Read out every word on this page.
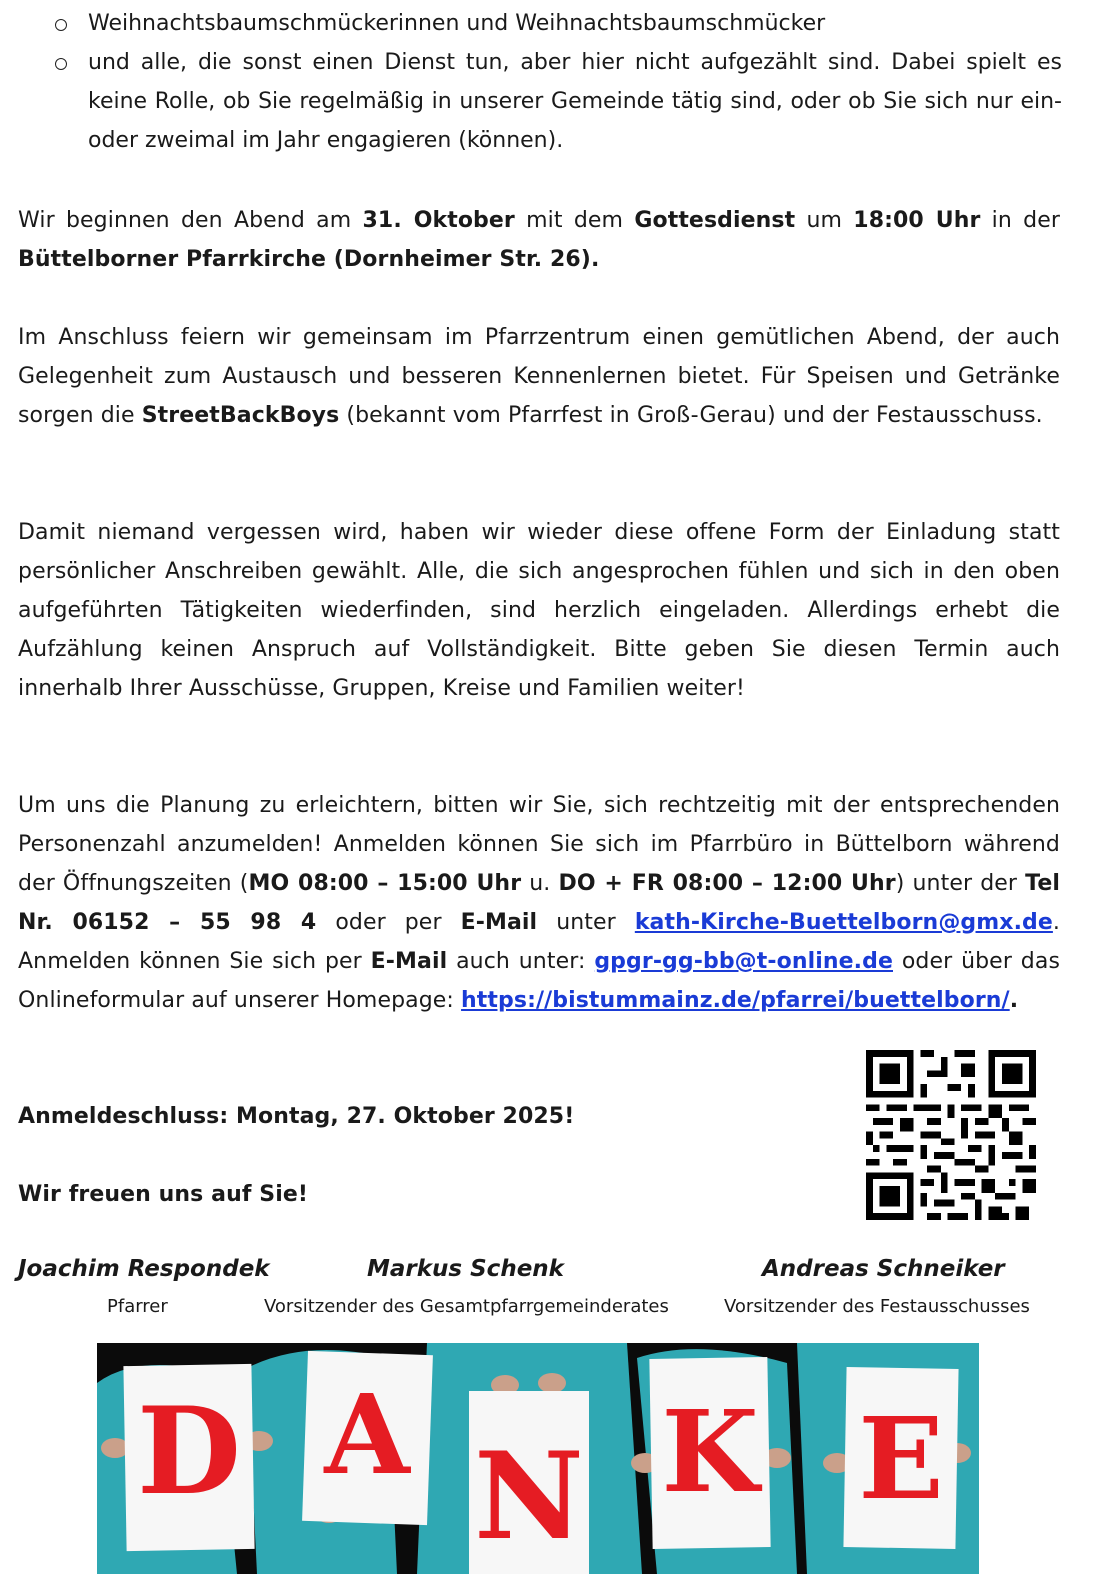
Weihnachtsbaumschmückerinnen und Weihnachtsbaumschmücker
und alle, die sonst einen Dienst tun, aber hier nicht aufgezählt sind. Dabei spielt es keine Rolle, ob Sie regelmäßig in unserer Gemeinde tätig sind, oder ob Sie sich nur ein- oder zweimal im Jahr engagieren (können).
Wir beginnen den Abend am 31. Oktober mit dem Gottesdienst um 18:00 Uhr in der Büttelborner Pfarrkirche (Dornheimer Str. 26).
Im Anschluss feiern wir gemeinsam im Pfarrzentrum einen gemütlichen Abend, der auch Gelegenheit zum Austausch und besseren Kennenlernen bietet. Für Speisen und Getränke sorgen die StreetBackBoys (bekannt vom Pfarrfest in Groß-Gerau) und der Festausschuss.
Damit niemand vergessen wird, haben wir wieder diese offene Form der Einladung statt persönlicher Anschreiben gewählt. Alle, die sich angesprochen fühlen und sich in den oben aufgeführten Tätigkeiten wiederfinden, sind herzlich eingeladen. Allerdings erhebt die Aufzählung keinen Anspruch auf Vollständigkeit. Bitte geben Sie diesen Termin auch innerhalb Ihrer Ausschüsse, Gruppen, Kreise und Familien weiter!
Um uns die Planung zu erleichtern, bitten wir Sie, sich rechtzeitig mit der entsprechenden Personenzahl anzumelden! Anmelden können Sie sich im Pfarrbüro in Büttelborn während der Öffnungszeiten (MO 08:00 – 15:00 Uhr u. DO + FR 08:00 – 12:00 Uhr) unter der Tel Nr. 06152 – 55 98 4 oder per E-Mail unter kath-Kirche-Buettelborn@gmx.de. Anmelden können Sie sich per E-Mail auch unter: gpgr-gg-bb@t-online.de oder über das Onlineformular auf unserer Homepage: https://bistummainz.de/pfarrei/buettelborn/.
Anmeldeschluss: Montag, 27. Oktober 2025!
Wir freuen uns auf Sie!
Joachim Respondek	Markus Schenk	Andreas Schneiker
Pfarrer	Vorsitzender des Gesamtpfarrgemeinderates	Vorsitzender des Festausschusses
D A N K E
